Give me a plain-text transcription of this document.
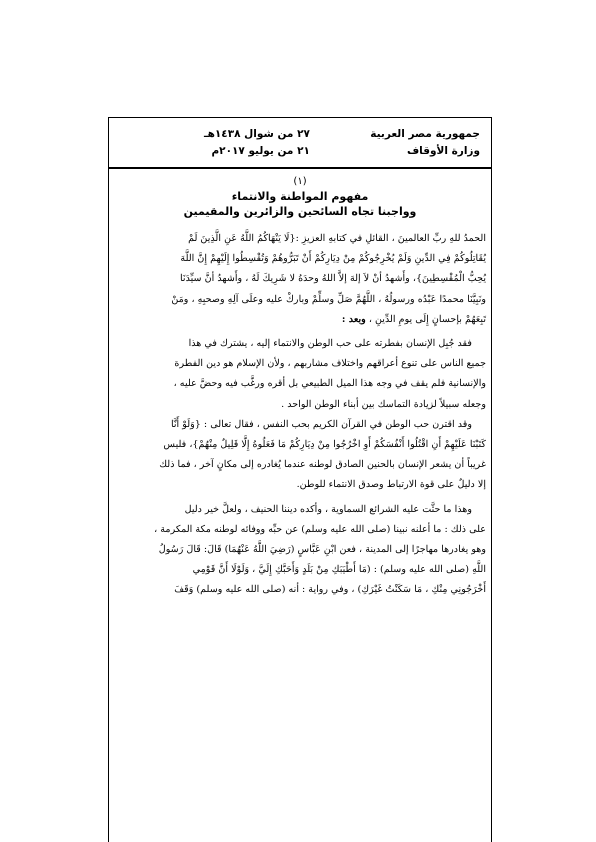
جمهورية مصر العربية
وزارة الأوقاف
٢٧ من شوال ١٤٣٨هـ
٢١ من يوليو ٢٠١٧م
(١)
مفهوم المواطنة والانتماء
وواجبنا تجاه السائحين والزائرين والمقيمين

الحمدُ للهِ ربِّ العالمينَ ، القائلِ في كتابهِ العزيزِ :{لَا يَنْهَاكُمُ اللَّهُ عَنِ الَّذِينَ لَمْ

يُقَاتِلُوكُمْ فِي الدِّينِ وَلَمْ يُخْرِجُوكُمْ مِنْ دِيَارِكُمْ أَنْ تَبَرُّوهُمْ وَتُقْسِطُوا إِلَيْهِمْ إِنَّ اللَّهَ

يُحِبُّ الْمُقْسِطِينَ}، وأَشهدُ أنْ لاَ إلهَ إلاَّ اللهُ وحدَهُ لا شَرِيكَ لَهُ ، وأَشهدُ أنَّ سيِّدَنَا

ونَبِيَّنَا محمدًا عَبْدُه ورسولُهُ ، اللَّهُمَّ صَلِّ وسلِّمْ وباركْ عليه وعلَى آلِهِ وصحبِهِ ، ومَنْ

تَبِعَهُمْ بإحسانٍ إِلَى يومِ الدِّينِ ، وبعد :

فقد جُبِل الإنسان بفطرته على حب الوطن والانتماء إليه ، يشترك في هذا

جميع الناس على تنوع أعراقهم واختلاف مشاربهم ، ولأن الإسلام هو دين الفطرة

والإنسانية فلم يقف في وجه هذا الميل الطبيعي بل أقره ورغَّب فيه وحضَّ عليه ،

وجعله سبيلاً لزيادة التماسك بين أبناء الوطن الواحد .

وقد اقترن حب الوطن في القرآن الكريم بحب النفس ، فقال تعالى : {وَلَوْ أَنَّا

كَتَبْنَا عَلَيْهِمْ أَنِ اقْتُلُوا أَنْفُسَكُمْ أَوِ اخْرُجُوا مِنْ دِيَارِكُمْ مَا فَعَلُوهُ إِلَّا قَلِيلٌ مِنْهُمْ}، فليس

غريباً أن يشعر الإنسان بالحنين الصادق لوطنه عندما يُغادره إلى مكانٍ آخر ، فما ذلك

إلا دليلٌ على قوة الارتباط وصدق الانتماء للوطن.

وهذا ما حثَّت عليه الشرائع السماوية ، وأكده ديننا الحنيف ، ولعلَّ خير دليل

على ذلك : ما أعلنه نبينا (صلى الله عليه وسلم) عن حبِّه ووفائه لوطنه مكة المكرمة ،

وهو يغادرها مهاجرًا إلى المدينة ، فعن ابْنِ عَبَّاسٍ (رَضِيَ اللَّهُ عَنْهُمَا) قَالَ: قَالَ رَسُولُ

اللَّهِ (صلى الله عليه وسلم) : (مَا أَطْيَبَكِ مِنْ بَلَدٍ وَأَحَبَّكِ إِلَيَّ ، وَلَوْلَا أَنَّ قَوْمِي

أَخْرَجُونِي مِنْكِ ، مَا سَكَنْتُ غَيْرَكِ) ، وفي رواية : أنه (صلى الله عليه وسلم) وَقَفَ
